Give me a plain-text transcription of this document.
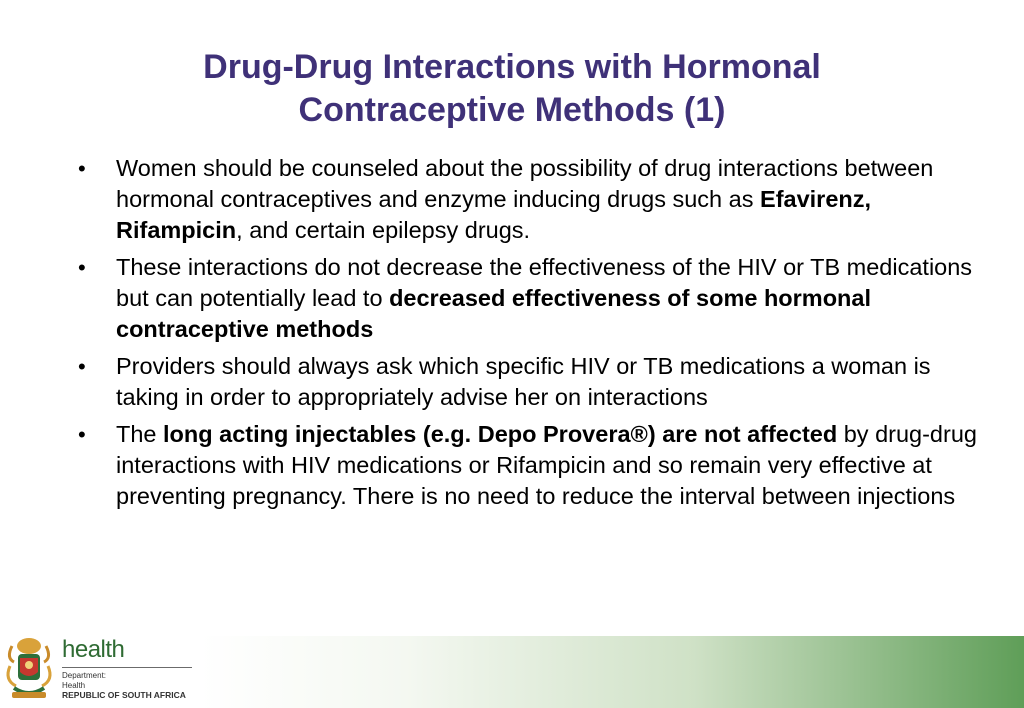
Drug-Drug Interactions with Hormonal
Contraceptive Methods (1)
• Women should be counseled about the possibility of drug interactions between hormonal contraceptives and enzyme inducing drugs such as Efavirenz, Rifampicin, and certain epilepsy drugs.
• These interactions do not decrease the effectiveness of the HIV or TB medications but can potentially lead to decreased effectiveness of some hormonal contraceptive methods
• Providers should always ask which specific HIV or TB medications a woman is taking in order to appropriately advise her on interactions
• The long acting injectables (e.g. Depo Provera®) are not affected by drug-drug interactions with HIV medications or Rifampicin and so remain very effective at preventing pregnancy. There is no need to reduce the interval between injections
health
Department:
Health
REPUBLIC OF SOUTH AFRICA
